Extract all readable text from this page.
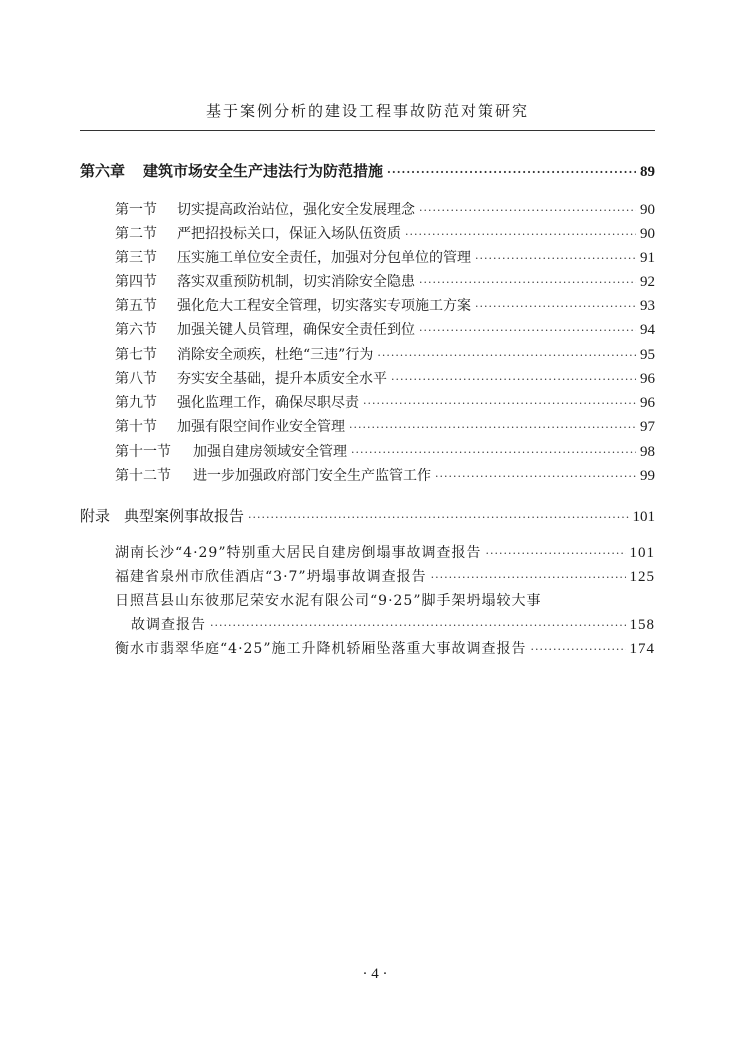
基于案例分析的建设工程事故防范对策研究
第六章 建筑市场安全生产违法行为防范措施 ·····	89
第一节 切实提高政治站位，强化安全发展理念 ·····	90
第二节 严把招投标关口，保证入场队伍资质 ·····	90
第三节 压实施工单位安全责任，加强对分包单位的管理 ·····	91
第四节 落实双重预防机制，切实消除安全隐患 ·····	92
第五节 强化危大工程安全管理，切实落实专项施工方案 ·····	93
第六节 加强关键人员管理，确保安全责任到位 ·····	94
第七节 消除安全顽疾，杜绝“三违”行为 ·····	95
第八节 夯实安全基础，提升本质安全水平 ·····	96
第九节 强化监理工作，确保尽职尽责 ·····	96
第十节 加强有限空间作业安全管理 ·····	97
第十一节 加强自建房领域安全管理 ·····	98
第十二节 进一步加强政府部门安全生产监管工作 ·····	99
附录 典型案例事故报告 ·····	101
湖南长沙“4·29”特别重大居民自建房倒塌事故调查报告 ·····	101
福建省泉州市欣佳酒店“3·7”坍塌事故调查报告 ·····	125
日照莒县山东彼那尼荣安水泥有限公司“9·25”脚手架坍塌较大事
故调查报告 ·····	158
衡水市翡翠华庭“4·25”施工升降机轿厢坠落重大事故调查报告 ·····	174
· 4 ·
